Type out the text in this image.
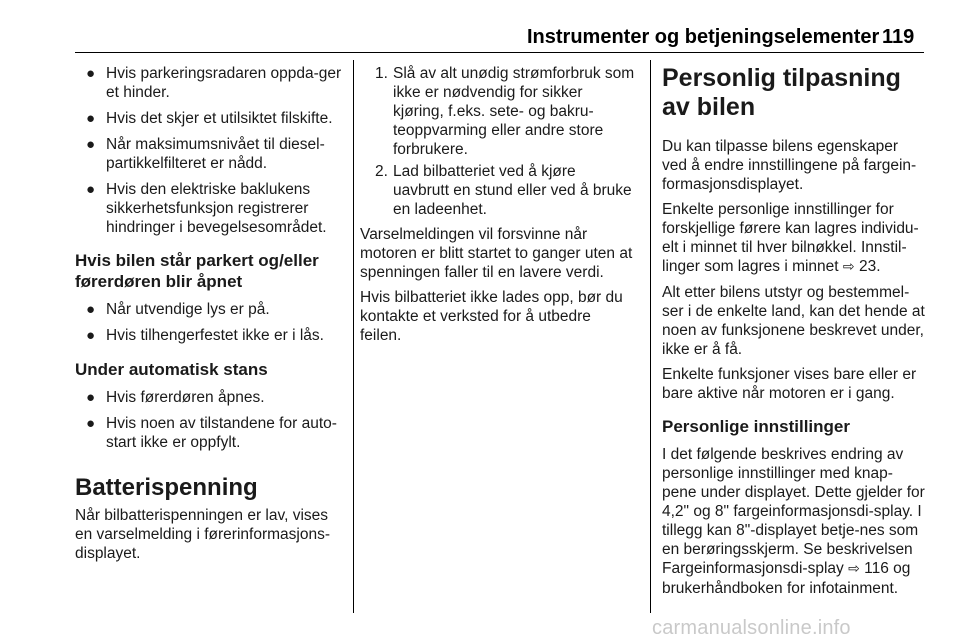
Instrumenter og betjeningselementer 119
● Hvis parkeringsradaren oppda-ger et hinder.
● Hvis det skjer et utilsiktet filskifte.
● Når maksimumsnivået til diesel-partikkelfilteret er nådd.
● Hvis den elektriske baklukens sikkerhetsfunksjon registrerer hindringer i bevegelsesområdet.
Hvis bilen står parkert og/eller førerdøren blir åpnet
● Når utvendige lys er på.
● Hvis tilhengerfestet ikke er i lås.
Under automatisk stans
● Hvis førerdøren åpnes.
● Hvis noen av tilstandene for auto-start ikke er oppfylt.
Batterispenning
Når bilbatterispenningen er lav, vises en varselmelding i førerinformasjons-displayet.
1. Slå av alt unødig strømforbruk som ikke er nødvendig for sikker kjøring, f.eks. sete- og bakru-teoppvarming eller andre store forbrukere.
2. Lad bilbatteriet ved å kjøre uavbrutt en stund eller ved å bruke en ladeenhet.
Varselmeldingen vil forsvinne når motoren er blitt startet to ganger uten at spenningen faller til en lavere verdi.
Hvis bilbatteriet ikke lades opp, bør du kontakte et verksted for å utbedre feilen.
Personlig tilpasning av bilen
Du kan tilpasse bilens egenskaper ved å endre innstillingene på fargein-formasjonsdisplayet.
Enkelte personlige innstillinger for forskjellige førere kan lagres individu-elt i minnet til hver bilnøkkel. Innstil-linger som lagres i minnet ⇨ 23.
Alt etter bilens utstyr og bestemmel-ser i de enkelte land, kan det hende at noen av funksjonene beskrevet under, ikke er å få.
Enkelte funksjoner vises bare eller er bare aktive når motoren er i gang.
Personlige innstillinger
I det følgende beskrives endring av personlige innstillinger med knap-pene under displayet. Dette gjelder for 4,2" og 8" fargeinformasjonsdi-splay. I tillegg kan 8"-displayet betje-nes som en berøringsskjerm. Se beskrivelsen Fargeinformasjonsdi-splay ⇨ 116 og brukerhåndboken for infotainment.
carmanualsonline.info
